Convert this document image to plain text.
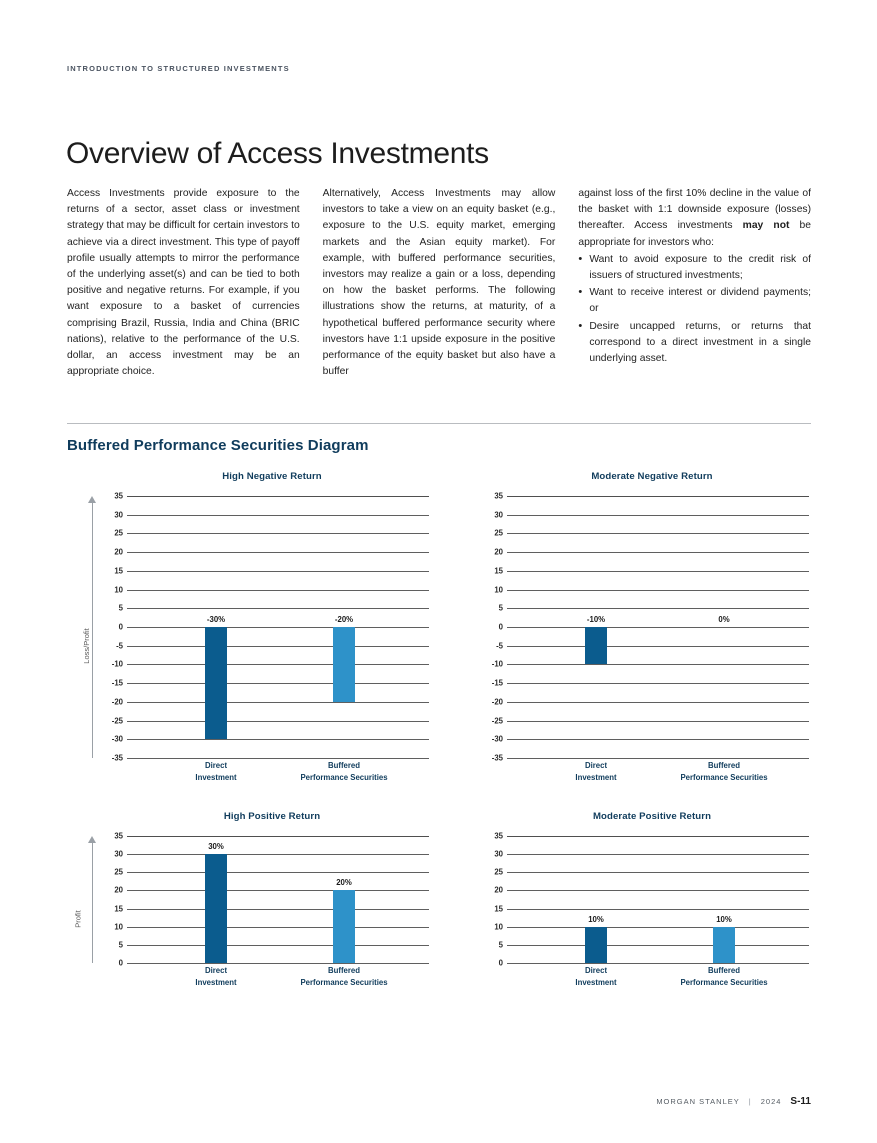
INTRODUCTION TO STRUCTURED INVESTMENTS
Overview of Access Investments

Access Investments provide exposure to the returns of a sector, asset class or investment strategy that may be difficult for certain investors to achieve via a direct investment. This type of payoff profile usually attempts to mirror the performance of the underlying asset(s) and can be tied to both positive and negative returns. For example, if you want exposure to a basket of currencies comprising Brazil, Russia, India and China (BRIC nations), relative to the performance of the U.S. dollar, an access investment may be an appropriate choice.

Alternatively, Access Investments may allow investors to take a view on an equity basket (e.g., exposure to the U.S. equity market, emerging markets and the Asian equity market). For example, with buffered performance securities, investors may realize a gain or a loss, depending on how the basket performs. The following illustrations show the returns, at maturity, of a hypothetical buffered performance security where investors have 1:1 upside exposure in the positive performance of the equity basket but also have a buffer

against loss of the first 10% decline in the value of the basket with 1:1 downside exposure (losses) thereafter. Access investments may not be appropriate for investors who:

• Want to avoid exposure to the credit risk of issuers of structured investments;
• Want to receive interest or dividend payments; or
• Desire uncapped returns, or returns that correspond to a direct investment in a single underlying asset.
Buffered Performance Securities Diagram
High Negative Return
Loss/Profit
35
30
25
20
15
10
5
0
-5
-10
-15
-20
-25
-30
-35
-30%	-20%
Direct
Investment
Buffered
Performance Securities
Moderate Negative Return
35
30
25
20
15
10
5
0
-5
-10
-15
-20
-25
-30
-35
-10%	0%
Direct
Investment
Buffered
Performance Securities
High Positive Return
Profit
35
30
25
20
15
10
5
0
30%
20%
Direct
Investment
Buffered
Performance Securities
Moderate Positive Return
35
30
25
20
15
10
5
0
10%	10%
Direct
Investment
Buffered
Performance Securities
MORGAN STANLEY | 2024 S-11
